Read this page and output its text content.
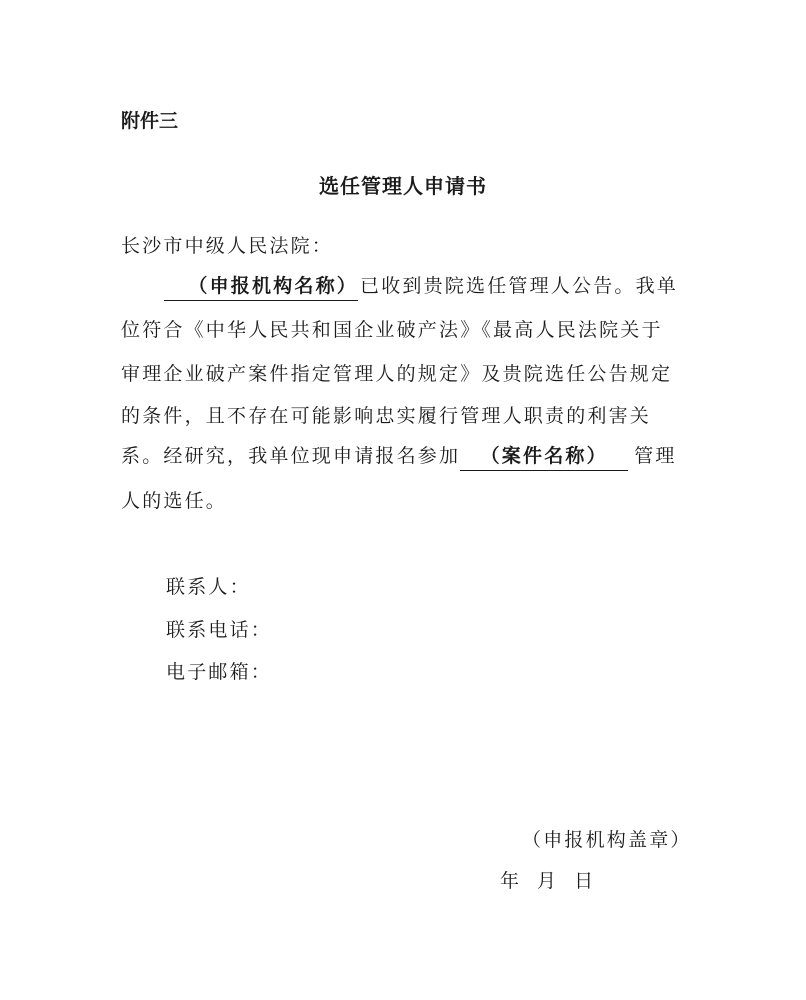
附件三
选任管理人申请书
长沙市中级人民法院：
（申报机构名称） 已收到贵院选任管理人公告。我单
位符合《中华人民共和国企业破产法》《最高人民法院关于
审理企业破产案件指定管理人的规定》及贵院选任公告规定
的条件，且不存在可能影响忠实履行管理人职责的利害关
系。经研究，我单位现申请报名参加 （案件名称） 管理
人的选任。
联系人：
联系电话：
电子邮箱：
（申报机构盖章）
年 月 日
